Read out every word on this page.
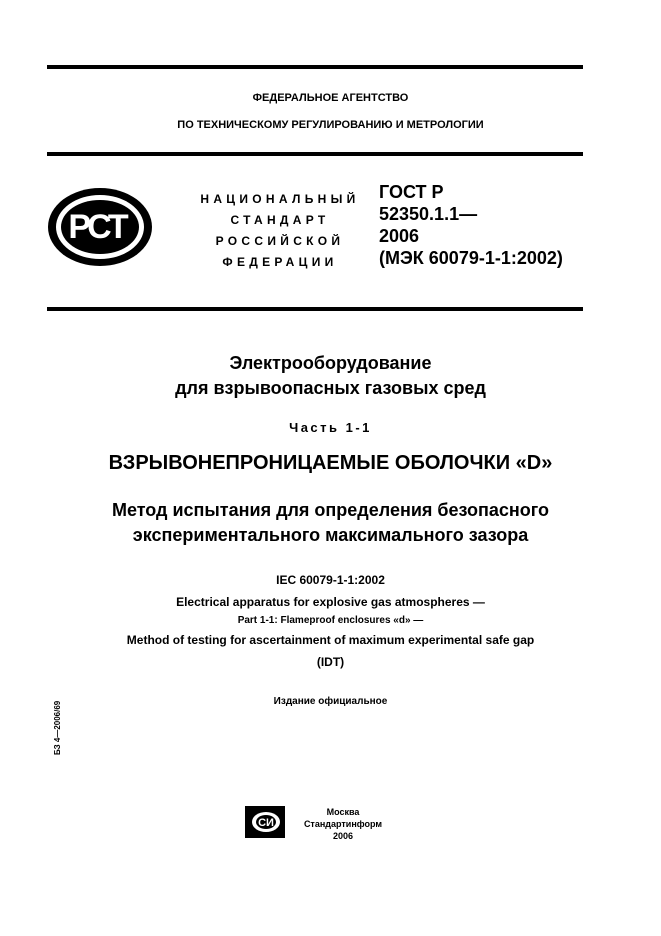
ФЕДЕРАЛЬНОЕ АГЕНТСТВО
ПО ТЕХНИЧЕСКОМУ РЕГУЛИРОВАНИЮ И МЕТРОЛОГИИ
РСТ
НАЦИОНАЛЬНЫЙ
СТАНДАРТ
РОССИЙСКОЙ
ФЕДЕРАЦИИ
ГОСТ Р
52350.1.1—
2006
(МЭК 60079-1-1:2002)
Электрооборудование
для взрывоопасных газовых сред
Часть 1-1
ВЗРЫВОНЕПРОНИЦАЕМЫЕ ОБОЛОЧКИ «D»
Метод испытания для определения безопасного
экспериментального максимального зазора
IEC 60079-1-1:2002
Electrical apparatus for explosive gas atmospheres —
Part 1-1: Flameproof enclosures «d» —
Method of testing for ascertainment of maximum experimental safe gap
(IDT)
Издание официальное
БЗ 4—2006/69
СИ
Москва
Стандартинформ
2006
